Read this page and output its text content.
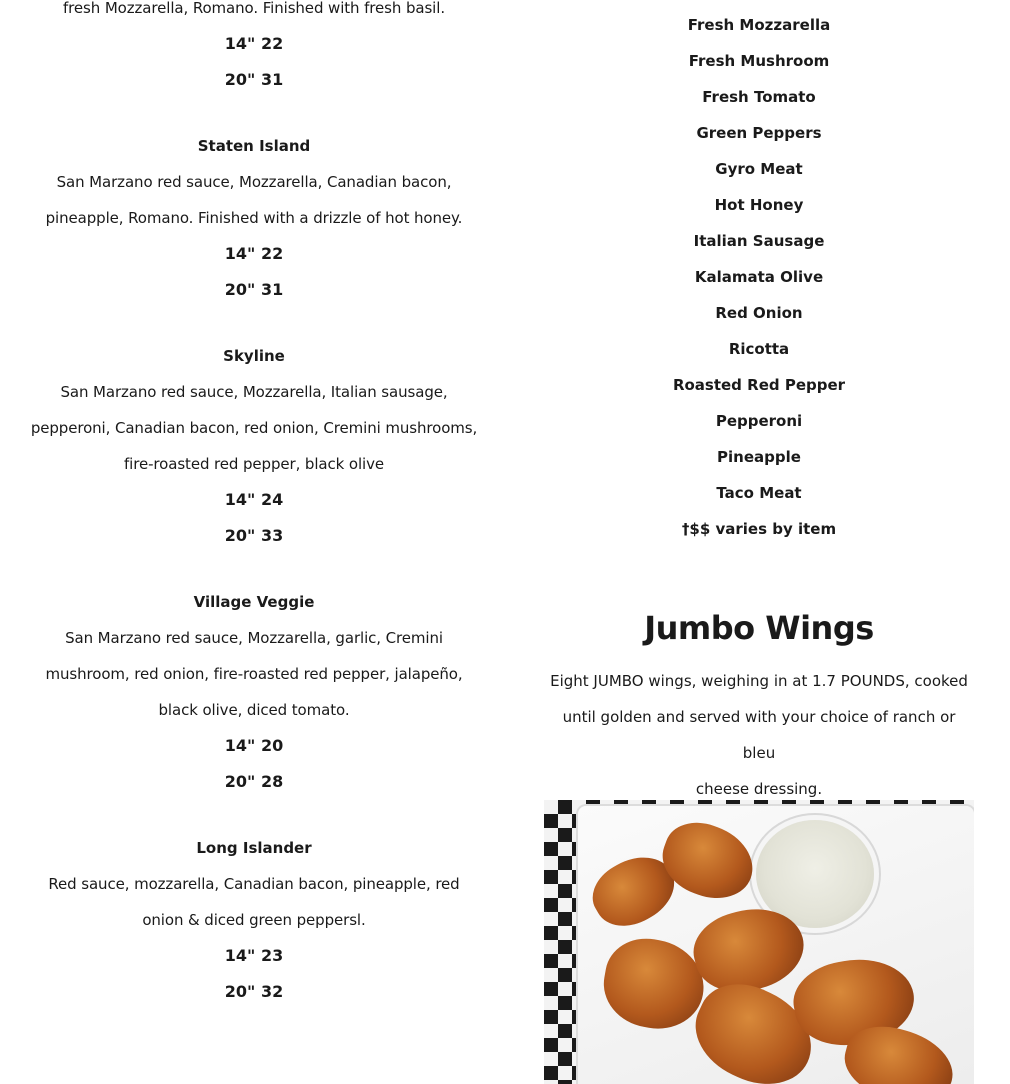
fresh Mozzarella, Romano. Finished with fresh basil.
14" 22
20" 31
Staten Island
San Marzano red sauce, Mozzarella, Canadian bacon,
pineapple, Romano. Finished with a drizzle of hot honey.
14" 22
20" 31
Skyline
San Marzano red sauce, Mozzarella, Italian sausage,
pepperoni, Canadian bacon, red onion, Cremini mushrooms,
fire-roasted red pepper, black olive
14" 24
20" 33
Village Veggie
San Marzano red sauce, Mozzarella, garlic, Cremini
mushroom, red onion, fire-roasted red pepper, jalapeño,
black olive, diced tomato.
14" 20
20" 28
Long Islander
Red sauce, mozzarella, Canadian bacon, pineapple, red
onion & diced green peppersl.
14" 23
20" 32
Fresh Mozzarella
Fresh Mushroom
Fresh Tomato
Green Peppers
Gyro Meat
Hot Honey
Italian Sausage
Kalamata Olive
Red Onion
Ricotta
Roasted Red Pepper
Pepperoni
Pineapple
Taco Meat
†$$ varies by item
Jumbo Wings
Eight JUMBO wings, weighing in at 1.7 POUNDS, cooked
until golden and served with your choice of ranch or bleu
cheese dressing.
